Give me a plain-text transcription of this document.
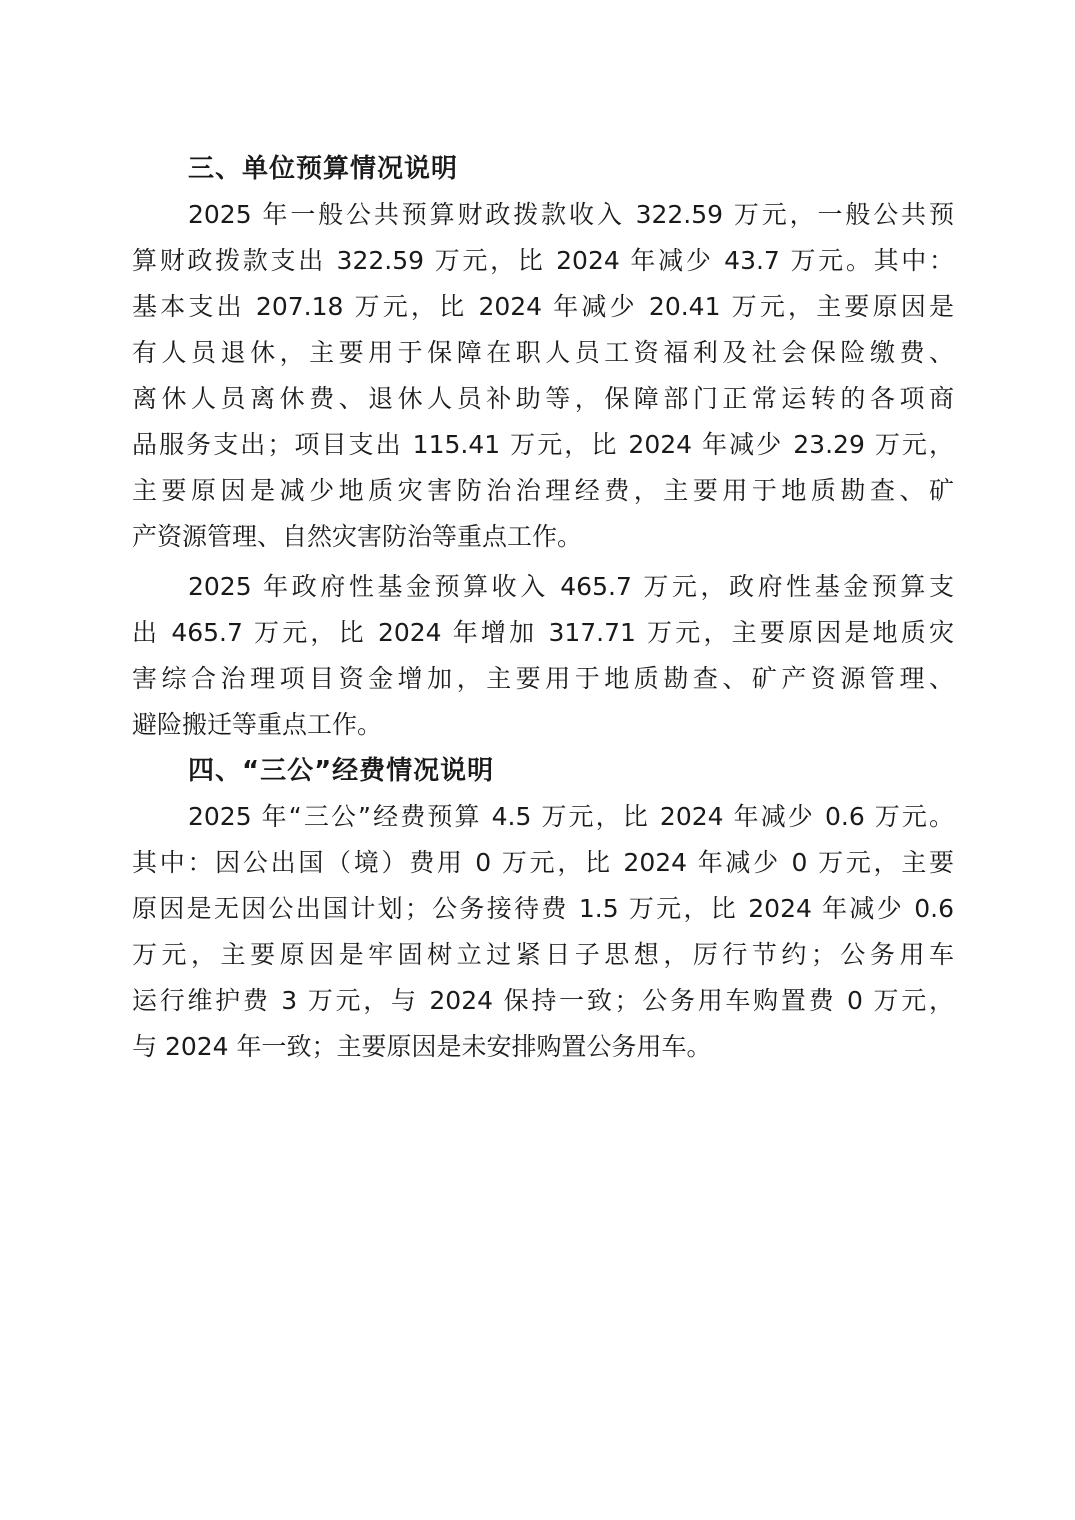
三、单位预算情况说明
2025 年一般公共预算财政拨款收入 322.59 万元，一般公共预
算财政拨款支出 322.59 万元，比 2024 年减少 43.7 万元。其中：
基本支出 207.18 万元，比 2024 年减少 20.41 万元，主要原因是
有人员退休，主要用于保障在职人员工资福利及社会保险缴费、
离休人员离休费、退休人员补助等，保障部门正常运转的各项商
品服务支出；项目支出 115.41 万元，比 2024 年减少 23.29 万元，
主要原因是减少地质灾害防治治理经费，主要用于地质勘查、矿
产资源管理、自然灾害防治等重点工作。
2025 年政府性基金预算收入 465.7 万元，政府性基金预算支
出 465.7 万元，比 2024 年增加 317.71 万元，主要原因是地质灾
害综合治理项目资金增加，主要用于地质勘查、矿产资源管理、
避险搬迁等重点工作。
四、“三公”经费情况说明
2025 年“三公”经费预算 4.5 万元，比 2024 年减少 0.6 万元。
其中：因公出国（境）费用 0 万元，比 2024 年减少 0 万元，主要
原因是无因公出国计划；公务接待费 1.5 万元，比 2024 年减少 0.6
万元，主要原因是牢固树立过紧日子思想，厉行节约；公务用车
运行维护费 3 万元，与 2024 保持一致；公务用车购置费 0 万元，
与 2024 年一致；主要原因是未安排购置公务用车。
